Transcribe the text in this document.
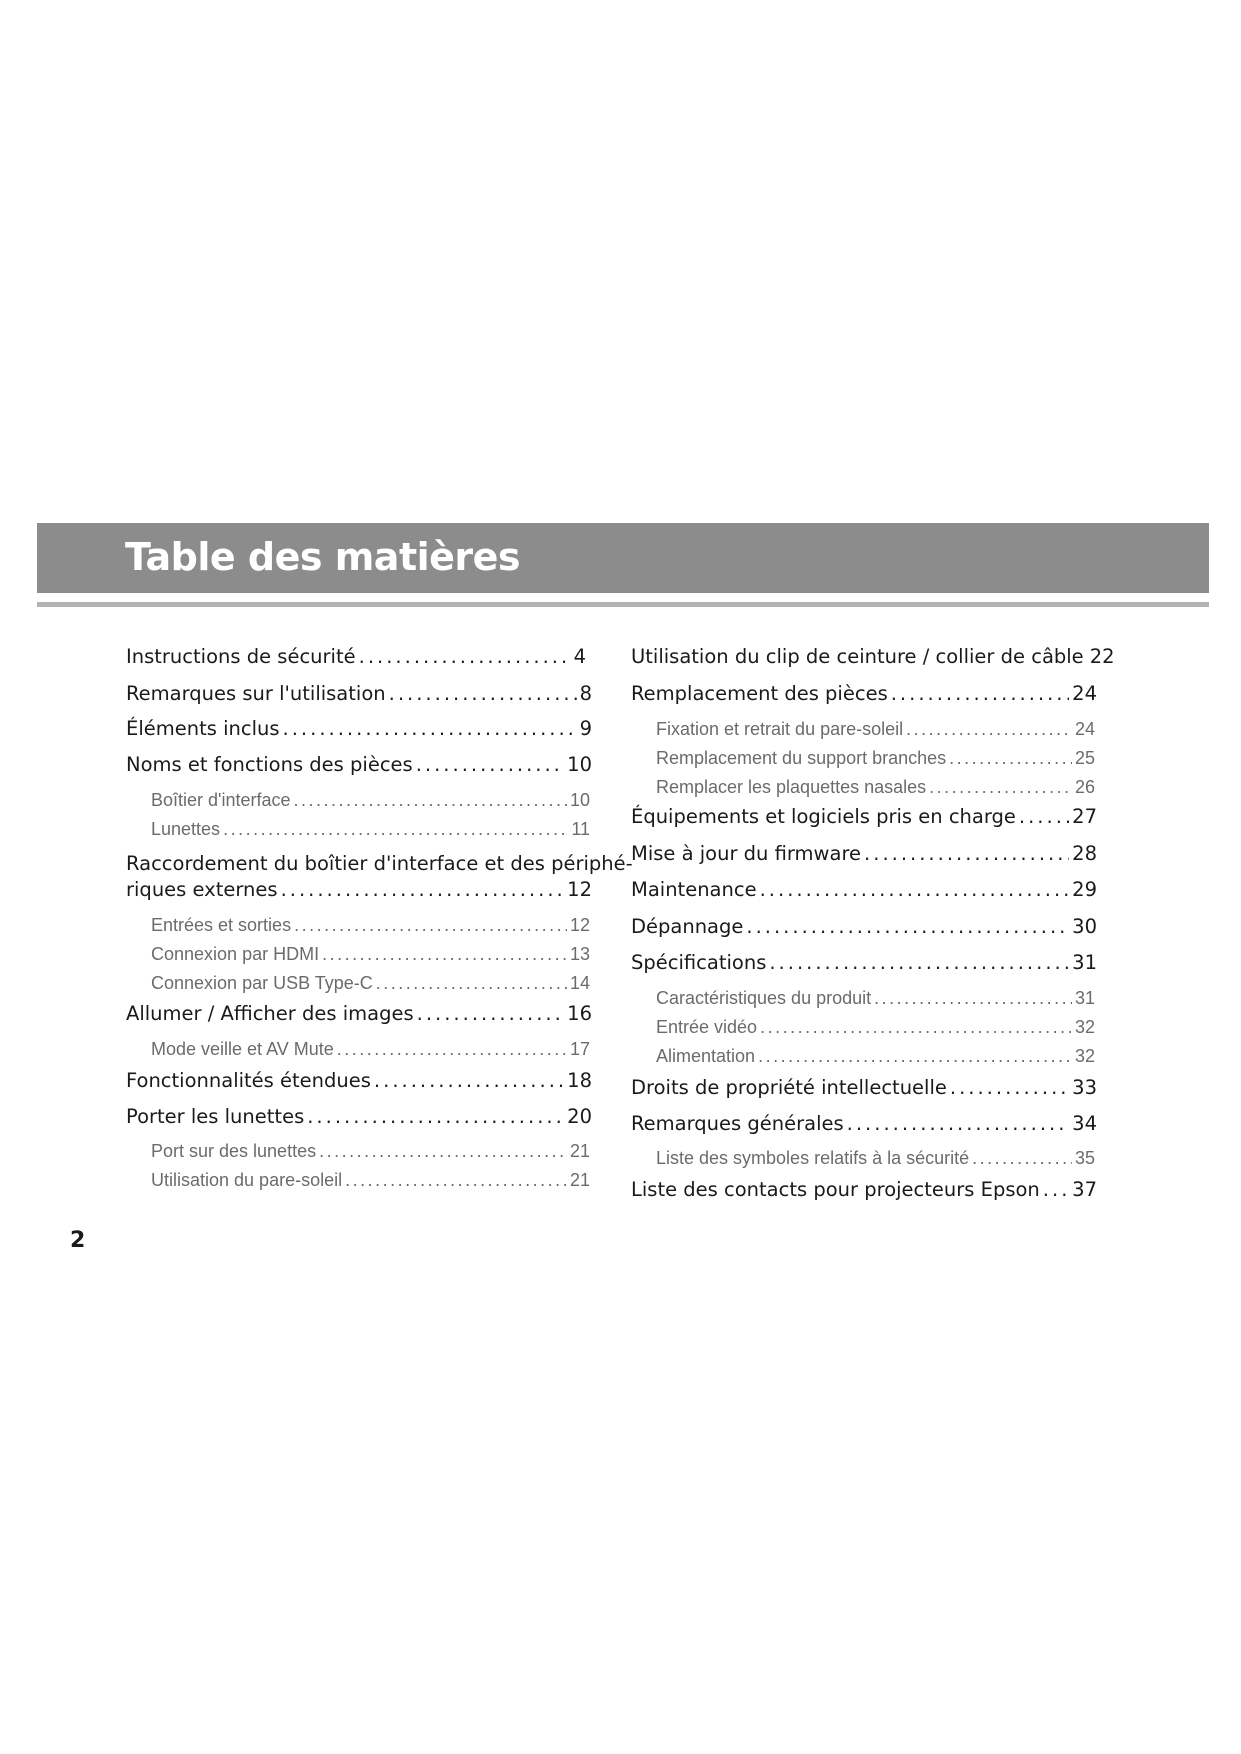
Table des matières
Instructions de sécurité .....	4
Remarques sur l'utilisation .....	8
Éléments inclus .....	9
Noms et fonctions des pièces .....	10
Boîtier d'interface .....	10
Lunettes .....	11
Raccordement du boîtier d'interface et des périphé-
riques externes .....	12
Entrées et sorties .....	12
Connexion par HDMI .....	13
Connexion par USB Type-C .....	14
Allumer / Afficher des images .....	16
Mode veille et AV Mute .....	17
Fonctionnalités étendues .....	18
Porter les lunettes .....	20
Port sur des lunettes .....	21
Utilisation du pare-soleil .....	21
Utilisation du clip de ceinture / collier de câble 22
Remplacement des pièces .....	24
Fixation et retrait du pare-soleil .....	24
Remplacement du support branches .....	25
Remplacer les plaquettes nasales .....	26
Équipements et logiciels pris en charge .....	27
Mise à jour du firmware .....	28
Maintenance .....	29
Dépannage .....	30
Spécifications .....	31
Caractéristiques du produit .....	31
Entrée vidéo .....	32
Alimentation .....	32
Droits de propriété intellectuelle .....	33
Remarques générales .....	34
Liste des symboles relatifs à la sécurité .....	35
Liste des contacts pour projecteurs Epson ..... 37

2
